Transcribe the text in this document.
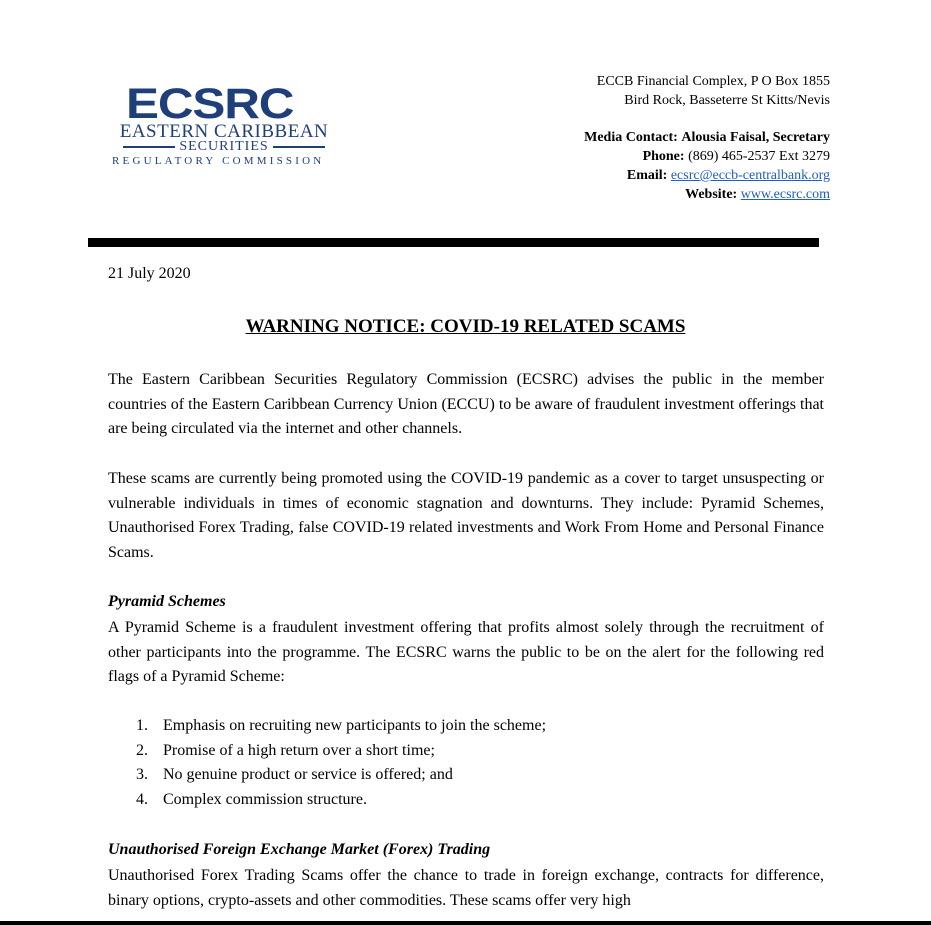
ECSRC
EASTERN CARIBBEAN
SECURITIES
REGULATORY COMMISSION
ECCB Financial Complex, P O Box 1855
Bird Rock, Basseterre St Kitts/Nevis
Media Contact: Alousia Faisal, Secretary
Phone: (869) 465-2537 Ext 3279
Email: ecsrc@eccb-centralbank.org
Website: www.ecsrc.com
21 July 2020
WARNING NOTICE: COVID-19 RELATED SCAMS

The Eastern Caribbean Securities Regulatory Commission (ECSRC) advises the public in the member countries of the Eastern Caribbean Currency Union (ECCU) to be aware of fraudulent investment offerings that are being circulated via the internet and other channels.

These scams are currently being promoted using the COVID-19 pandemic as a cover to target unsuspecting or vulnerable individuals in times of economic stagnation and downturns. They include: Pyramid Schemes, Unauthorised Forex Trading, false COVID-19 related investments and Work From Home and Personal Finance Scams.

Pyramid Schemes

A Pyramid Scheme is a fraudulent investment offering that profits almost solely through the recruitment of other participants into the programme. The ECSRC warns the public to be on the alert for the following red flags of a Pyramid Scheme:

1. Emphasis on recruiting new participants to join the scheme;
2. Promise of a high return over a short time;
3. No genuine product or service is offered; and
4. Complex commission structure.
Unauthorised Foreign Exchange Market (Forex) Trading

Unauthorised Forex Trading Scams offer the chance to trade in foreign exchange, contracts for difference, binary options, crypto-assets and other commodities. These scams offer very high
